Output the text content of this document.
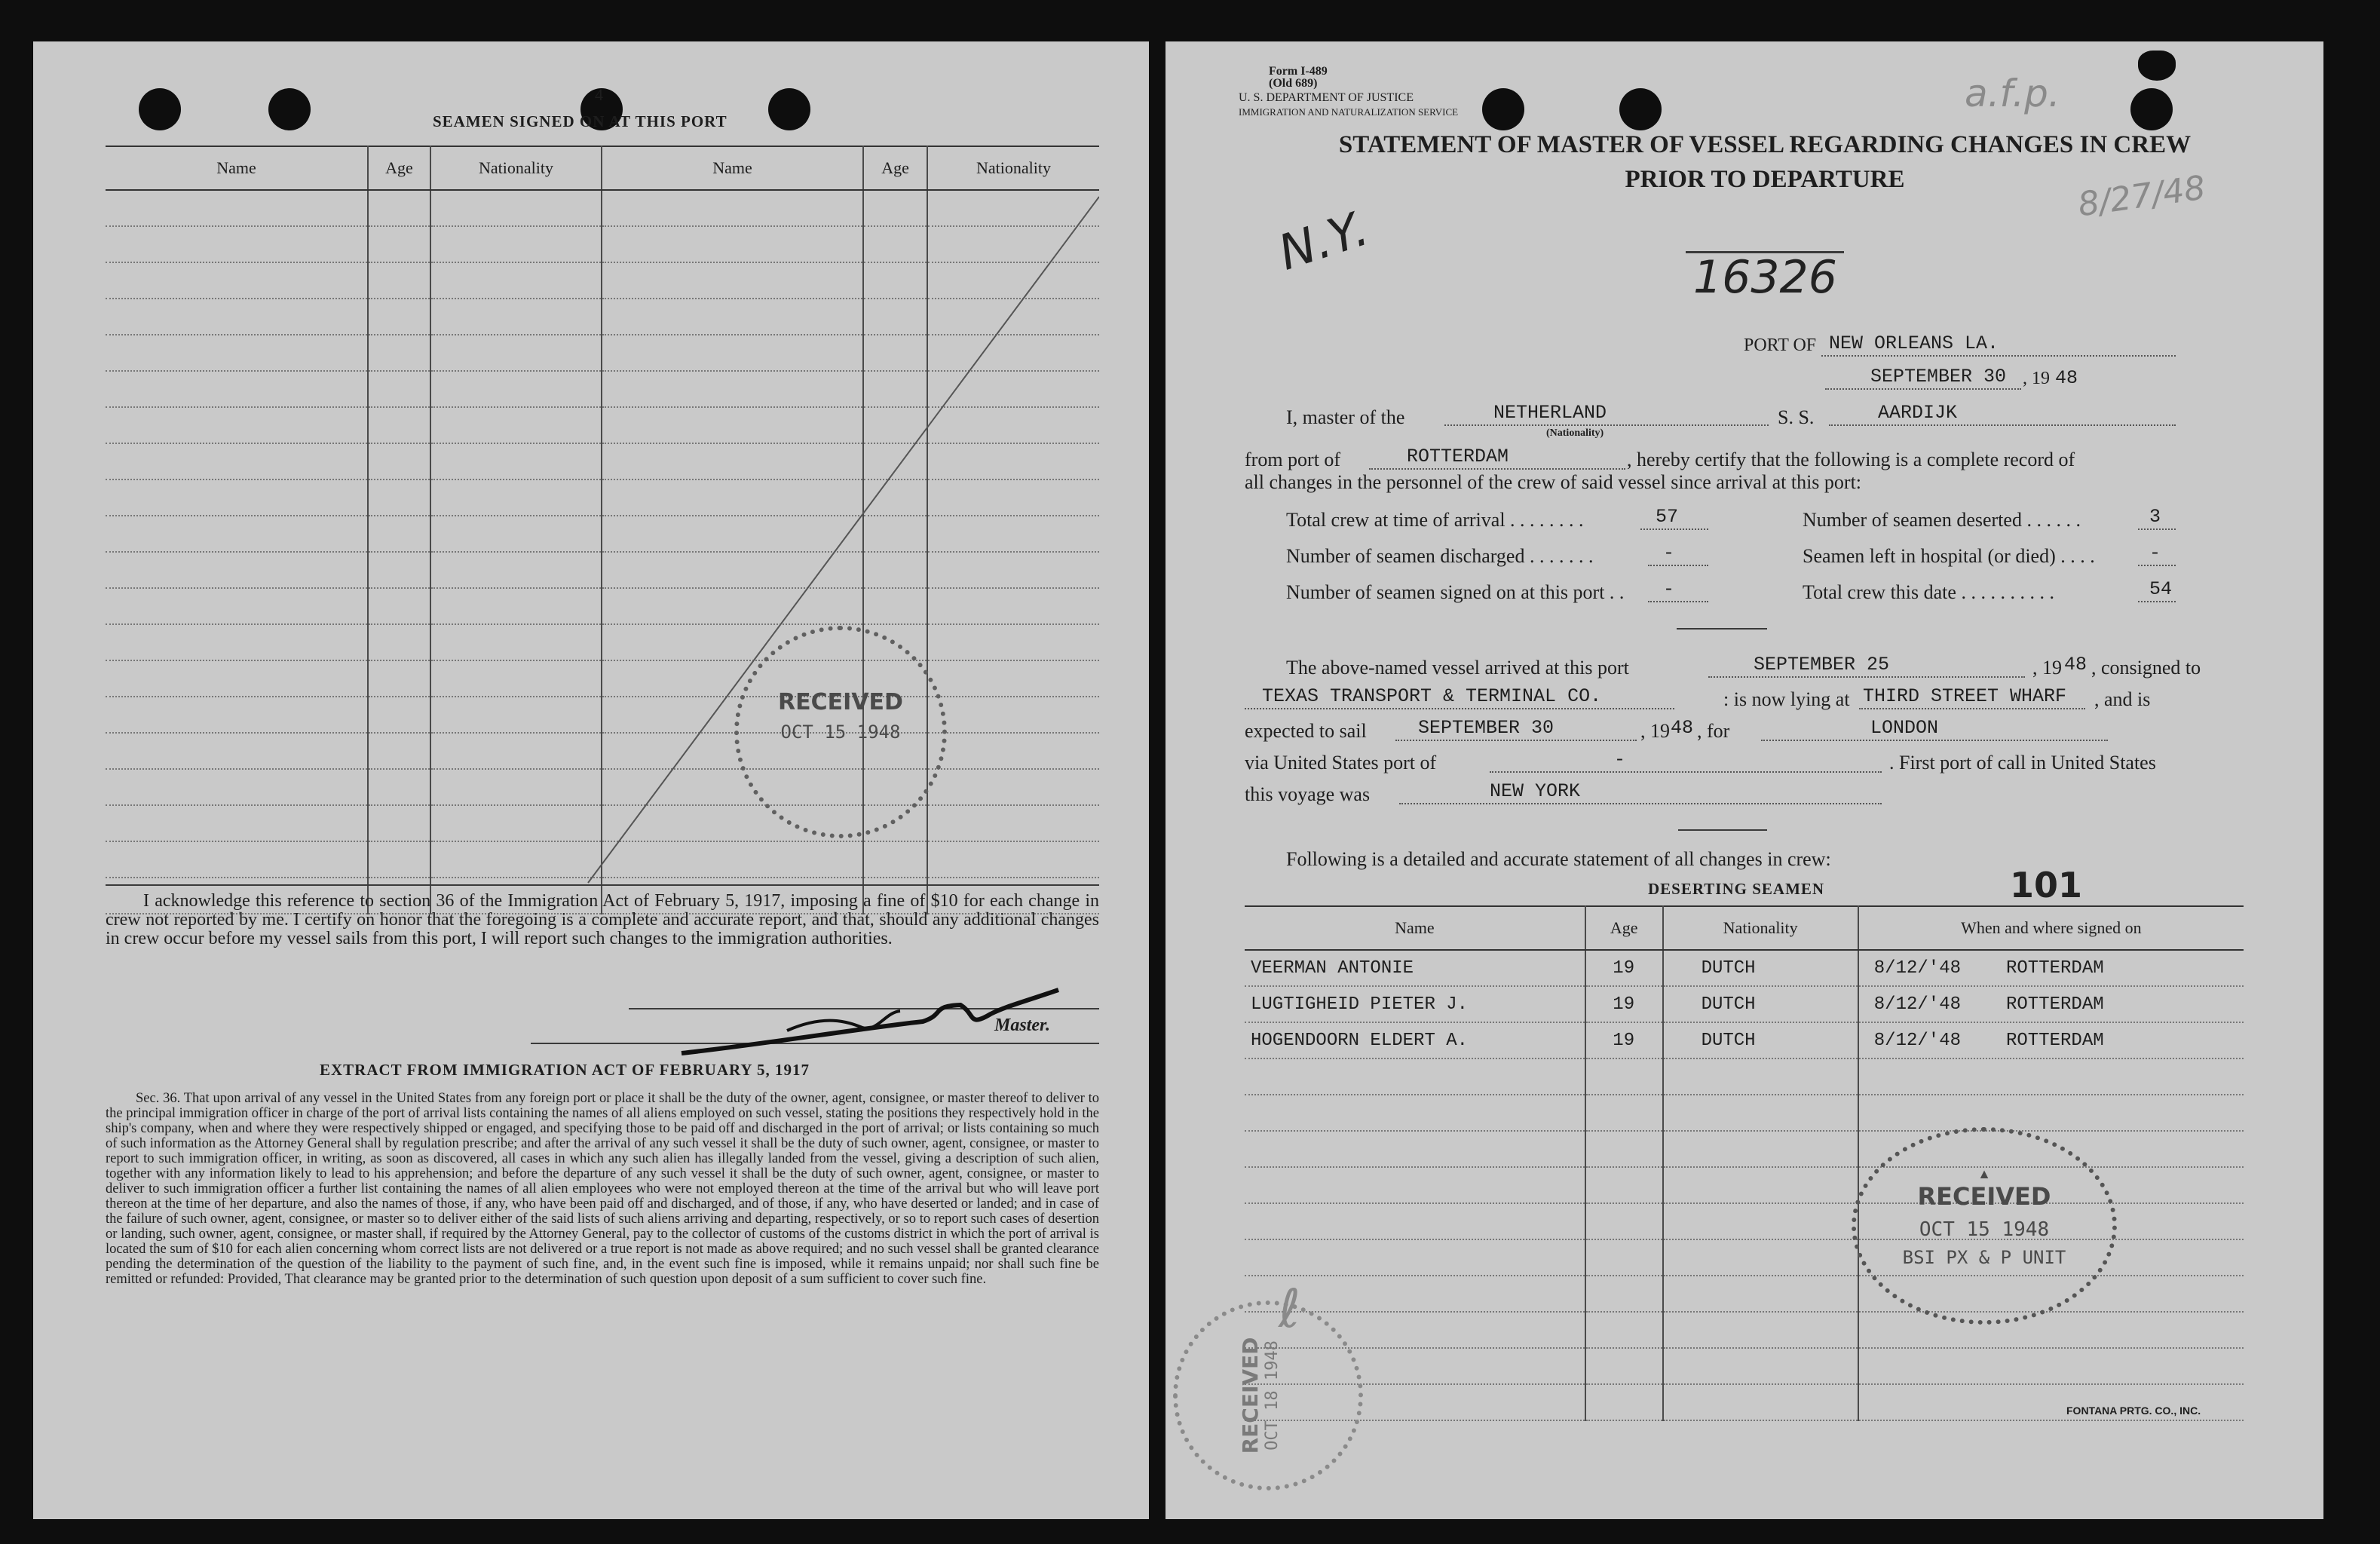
4
SEAMEN SIGNED ON AT THIS PORT
Name	Age	Nationality	Name	Age	Nationality

RECEIVED
OCT 15 1948
I acknowledge this reference to section 36 of the Immigration Act of February 5, 1917, imposing a fine of $10 for each change in crew not reported by me. I certify on honor that the foregoing is a complete and accurate report, and that, should any additional changes in crew occur before my vessel sails from this port, I will report such changes to the immigration authorities.
Master.
EXTRACT FROM IMMIGRATION ACT OF FEBRUARY 5, 1917
Sec. 36. That upon arrival of any vessel in the United States from any foreign port or place it shall be the duty of the owner, agent, consignee, or master thereof to deliver to the principal immigration officer in charge of the port of arrival lists containing the names of all aliens employed on such vessel, stating the positions they respectively hold in the ship's company, when and where they were respectively shipped or engaged, and specifying those to be paid off and discharged in the port of arrival; or lists containing so much of such information as the Attorney General shall by regulation prescribe; and after the arrival of any such vessel it shall be the duty of such owner, agent, consignee, or master to report to such immigration officer, in writing, as soon as discovered, all cases in which any such alien has illegally landed from the vessel, giving a description of such alien, together with any information likely to lead to his apprehension; and before the departure of any such vessel it shall be the duty of such owner, agent, consignee, or master to deliver to such immigration officer a further list containing the names of all alien employees who were not employed thereon at the time of the arrival but who will leave port thereon at the time of her departure, and also the names of those, if any, who have been paid off and discharged, and of those, if any, who have deserted or landed; and in case of the failure of such owner, agent, consignee, or master so to deliver either of the said lists of such aliens arriving and departing, respectively, or so to report such cases of desertion or landing, such owner, agent, consignee, or master shall, if required by the Attorney General, pay to the collector of customs of the customs district in which the port of arrival is located the sum of $10 for each alien concerning whom correct lists are not delivered or a true report is not made as above required; and no such vessel shall be granted clearance pending the determination of the question of the liability to the payment of such fine, and, in the event such fine is imposed, while it remains unpaid; nor shall such fine be remitted or refunded: Provided, That clearance may be granted prior to the determination of such question upon deposit of a sum sufficient to cover such fine.
Form I-489
(Old 689)
U. S. DEPARTMENT OF JUSTICE
IMMIGRATION AND NATURALIZATION SERVICE
STATEMENT OF MASTER OF VESSEL REGARDING CHANGES IN CREW
PRIOR TO DEPARTURE
N.Y.
a.f.p.
8/27/48
16326
PORT OF NEW ORLEANS LA.
SEPTEMBER 30 , 19 48
I, master of the	NETHERLAND
(Nationality)
S. S.	AARDIJK
from port of	ROTTERDAM	, hereby certify that the following is a complete record of
all changes in the personnel of the crew of said vessel since arrival at this port:
Total crew at time of arrival . . . . . . . .	57	Number of seamen deserted . . . . . .	3
Number of seamen discharged . . . . . . .	-	Seamen left in hospital (or died) . . . .	-
Number of seamen signed on at this port . . -	Total crew this date . . . . . . . . . .	54
The above-named vessel arrived at this port	SEPTEMBER 25	, 19 48 , consigned to
TEXAS TRANSPORT & TERMINAL CO.	: is now lying at THIRD STREET WHARF , and is
expected to sail	SEPTEMBER 30	, 19 48 , for	LONDON
via United States port of	-	. First port of call in United States
this voyage was	NEW YORK
Following is a detailed and accurate statement of all changes in crew:
DESERTING SEAMEN	101
Name	Age	Nationality	When and where signed on
VEERMAN ANTONIE	19	DUTCH	8/12/'48 ROTTERDAM
LUGTIGHEID PIETER J.	19	DUTCH	8/12/'48 ROTTERDAM
HOGENDOORN ELDERT A.	19	DUTCH	8/12/'48 ROTTERDAM

▲
RECEIVED
OCT 15 1948
BSI PX & P UNIT
RECEIVED OCT 18 1948
ℓ
FONTANA PRTG. CO., INC.
